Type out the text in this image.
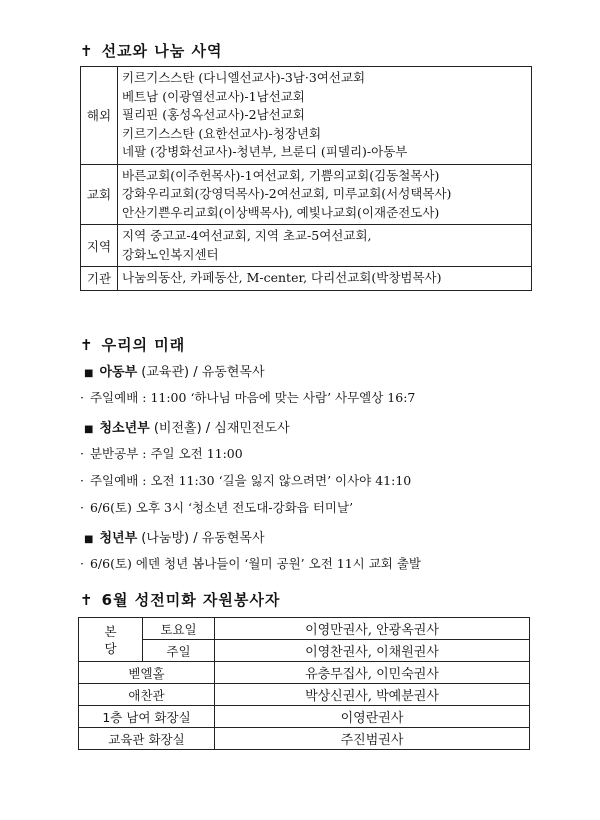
✝ 선교와 나눔 사역
해외	키르기스스탄 (다니엘선교사)-3남·3여선교회
베트남 (이광열선교사)-1남선교회
필리핀 (홍성옥선교사)-2남선교회
키르기스스탄 (요한선교사)-청장년회
네팔 (강병화선교사)-청년부, 브룬디 (피델리)-아동부

교회	바른교회(이주헌목사)-1여선교회, 기쁨의교회(김동철목사)
강화우리교회(강영덕목사)-2여선교회, 미루교회(서성택목사)
안산기쁜우리교회(이상백목사), 예빛나교회(이재준전도사)

지역	지역 중고교-4여선교회, 지역 초교-5여선교회,
강화노인복지센터

기관	나눔의동산, 카페동산, M-center, 다리선교회(박창범목사)
✝ 우리의 미래
■ 아동부 (교육관) / 유동현목사
· 주일예배 : 11:00 ‘하나님 마음에 맞는 사람’ 사무엘상 16:7
■ 청소년부 (비전홀) / 심재민전도사
· 분반공부 : 주일 오전 11:00
· 주일예배 : 오전 11:30 ‘길을 잃지 않으려면’ 이사야 41:10
· 6/6(토) 오후 3시 ‘청소년 전도대-강화읍 터미날’
■ 청년부 (나눔방) / 유동현목사
· 6/6(토) 에덴 청년 봄나들이 ‘월미 공원’ 오전 11시 교회 출발
✝ 6월 성전미화 자원봉사자
본
당	토요일	이영만권사, 안광옥권사
	주일	이영찬권사, 이채원권사
벧엘홀		유충무집사, 이민숙권사
애찬관		박상신권사, 박예분권사
1층 남여 화장실		이영란권사
교육관 화장실		주진범권사
